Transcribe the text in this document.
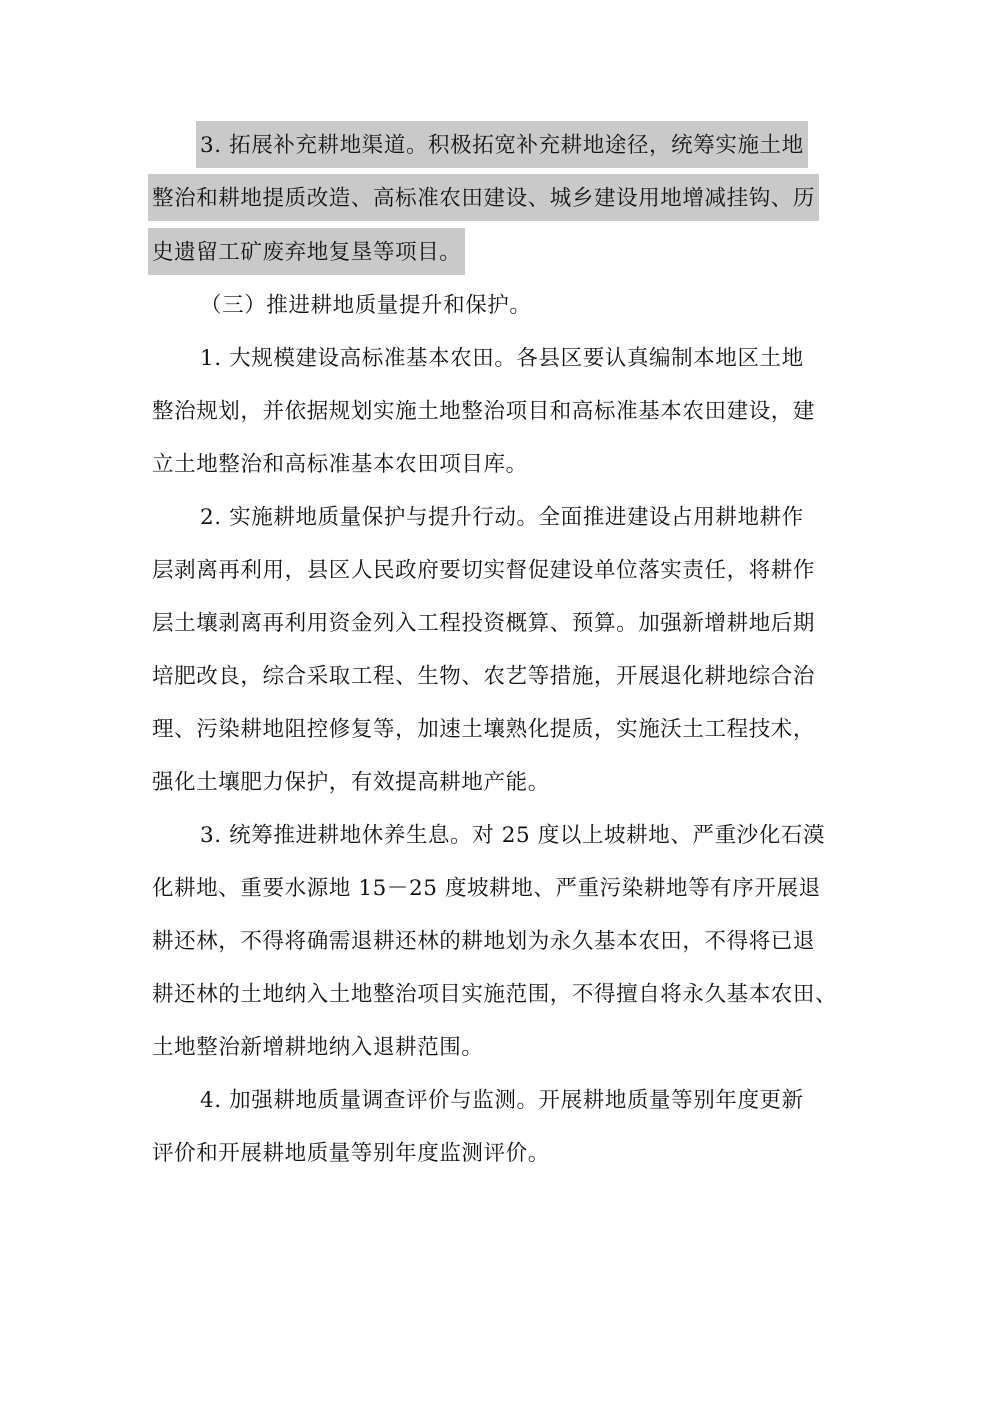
3. 拓展补充耕地渠道。积极拓宽补充耕地途径，统筹实施土地
整治和耕地提质改造、高标准农田建设、城乡建设用地增减挂钩、历
史遗留工矿废弃地复垦等项目。
（三）推进耕地质量提升和保护。
1. 大规模建设高标准基本农田。各县区要认真编制本地区土地
整治规划，并依据规划实施土地整治项目和高标准基本农田建设，建
立土地整治和高标准基本农田项目库。
2. 实施耕地质量保护与提升行动。全面推进建设占用耕地耕作
层剥离再利用，县区人民政府要切实督促建设单位落实责任，将耕作
层土壤剥离再利用资金列入工程投资概算、预算。加强新增耕地后期
培肥改良，综合采取工程、生物、农艺等措施，开展退化耕地综合治
理、污染耕地阻控修复等，加速土壤熟化提质，实施沃土工程技术，
强化土壤肥力保护，有效提高耕地产能。
3. 统筹推进耕地休养生息。对 25 度以上坡耕地、严重沙化石漠
化耕地、重要水源地 15－25 度坡耕地、严重污染耕地等有序开展退
耕还林，不得将确需退耕还林的耕地划为永久基本农田，不得将已退
耕还林的土地纳入土地整治项目实施范围，不得擅自将永久基本农田、
土地整治新增耕地纳入退耕范围。
4. 加强耕地质量调查评价与监测。开展耕地质量等别年度更新
评价和开展耕地质量等别年度监测评价。
